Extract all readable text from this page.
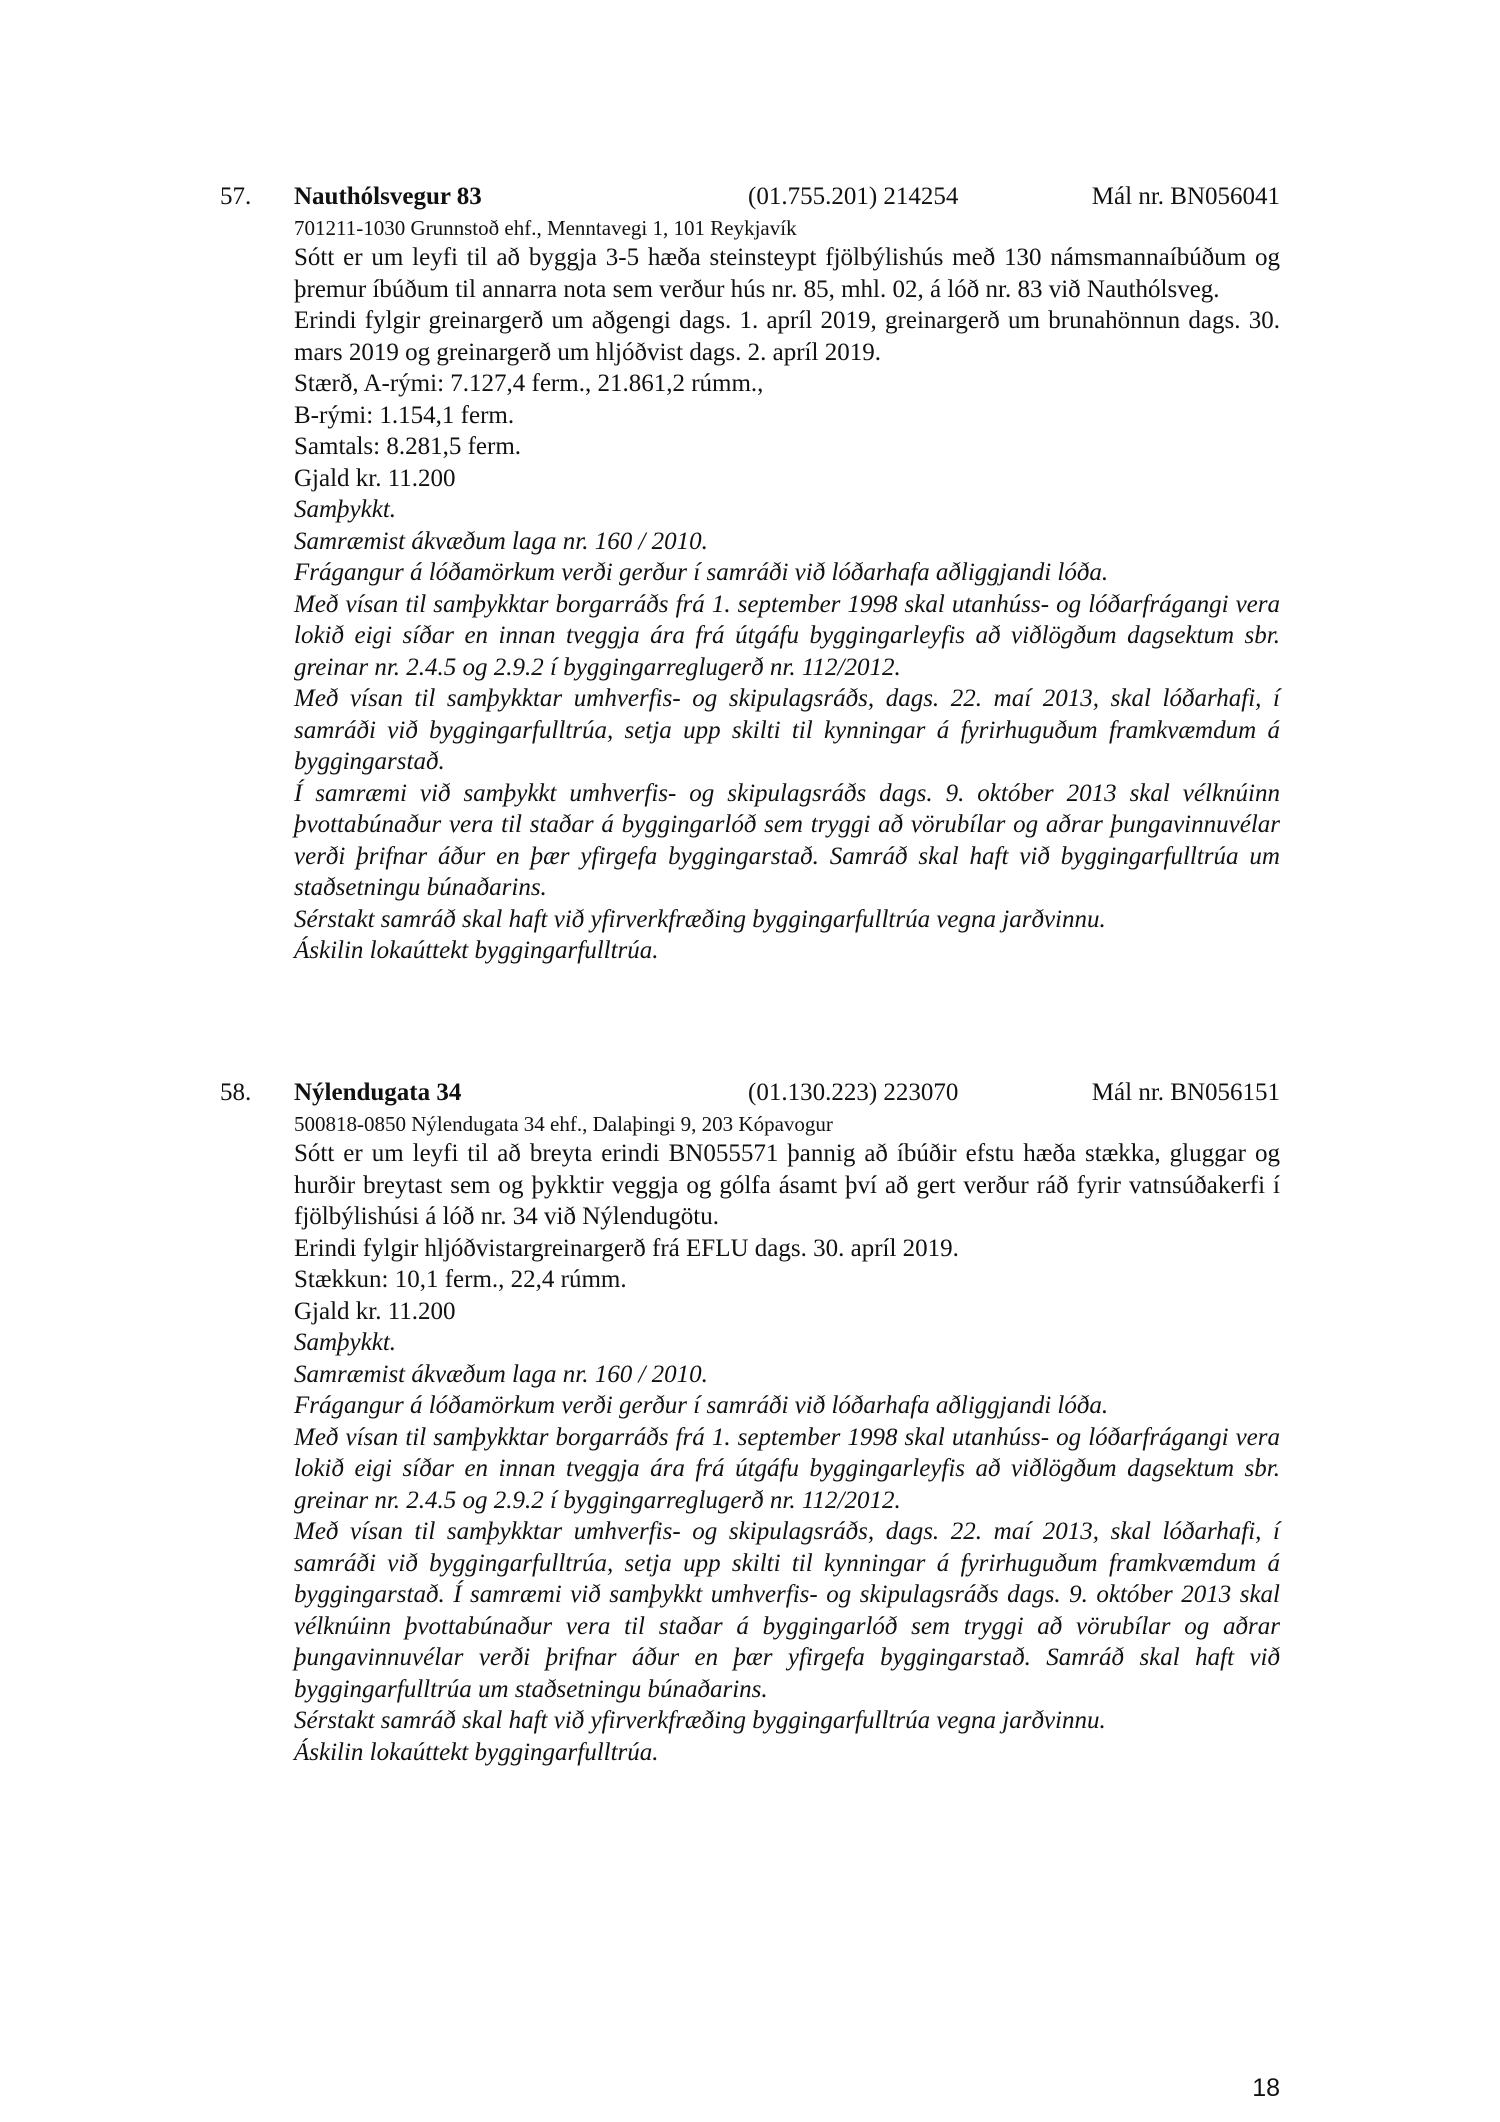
57. Nauthólsvegur 83	(01.755.201) 214254	Mál nr. BN056041
701211-1030 Grunnstoð ehf., Menntavegi 1, 101 Reykjavík

Sótt er um leyfi til að byggja 3-5 hæða steinsteypt fjölbýlishús með 130 námsmannaíbúðum og þremur íbúðum til annarra nota sem verður hús nr. 85, mhl. 02, á lóð nr. 83 við Nauthólsveg.

Erindi fylgir greinargerð um aðgengi dags. 1. apríl 2019, greinargerð um brunahönnun dags. 30. mars 2019 og greinargerð um hljóðvist dags. 2. apríl 2019.

Stærð, A-rými: 7.127,4 ferm., 21.861,2 rúmm.,

B-rými: 1.154,1 ferm.

Samtals: 8.281,5 ferm.

Gjald kr. 11.200

Samþykkt.

Samræmist ákvæðum laga nr. 160 / 2010.

Frágangur á lóðamörkum verði gerður í samráði við lóðarhafa aðliggjandi lóða.

Með vísan til samþykktar borgarráðs frá 1. september 1998 skal utanhúss- og lóðarfrágangi vera lokið eigi síðar en innan tveggja ára frá útgáfu byggingarleyfis að viðlögðum dagsektum sbr. greinar nr. 2.4.5 og 2.9.2 í byggingarreglugerð nr. 112/2012.

Með vísan til samþykktar umhverfis- og skipulagsráðs, dags. 22. maí 2013, skal lóðarhafi, í samráði við byggingarfulltrúa, setja upp skilti til kynningar á fyrirhuguðum framkvæmdum á byggingarstað.

Í samræmi við samþykkt umhverfis- og skipulagsráðs dags. 9. október 2013 skal vélknúinn þvottabúnaður vera til staðar á byggingarlóð sem tryggi að vörubílar og aðrar þungavinnuvélar verði þrifnar áður en þær yfirgefa byggingarstað. Samráð skal haft við byggingarfulltrúa um staðsetningu búnaðarins.

Sérstakt samráð skal haft við yfirverkfræðing byggingarfulltrúa vegna jarðvinnu.

Áskilin lokaúttekt byggingarfulltrúa.

58. Nýlendugata 34	(01.130.223) 223070	Mál nr. BN056151
500818-0850 Nýlendugata 34 ehf., Dalaþingi 9, 203 Kópavogur

Sótt er um leyfi til að breyta erindi BN055571 þannig að íbúðir efstu hæða stækka, gluggar og hurðir breytast sem og þykktir veggja og gólfa ásamt því að gert verður ráð fyrir vatnsúðakerfi í fjölbýlishúsi á lóð nr. 34 við Nýlendugötu.

Erindi fylgir hljóðvistargreinargerð frá EFLU dags. 30. apríl 2019.

Stækkun: 10,1 ferm., 22,4 rúmm.

Gjald kr. 11.200

Samþykkt.

Samræmist ákvæðum laga nr. 160 / 2010.

Frágangur á lóðamörkum verði gerður í samráði við lóðarhafa aðliggjandi lóða.

Með vísan til samþykktar borgarráðs frá 1. september 1998 skal utanhúss- og lóðarfrágangi vera lokið eigi síðar en innan tveggja ára frá útgáfu byggingarleyfis að viðlögðum dagsektum sbr. greinar nr. 2.4.5 og 2.9.2 í byggingarreglugerð nr. 112/2012.

Með vísan til samþykktar umhverfis- og skipulagsráðs, dags. 22. maí 2013, skal lóðarhafi, í samráði við byggingarfulltrúa, setja upp skilti til kynningar á fyrirhuguðum framkvæmdum á byggingarstað. Í samræmi við samþykkt umhverfis- og skipulagsráðs dags. 9. október 2013 skal vélknúinn þvottabúnaður vera til staðar á byggingarlóð sem tryggi að vörubílar og aðrar þungavinnuvélar verði þrifnar áður en þær yfirgefa byggingarstað. Samráð skal haft við byggingarfulltrúa um staðsetningu búnaðarins.

Sérstakt samráð skal haft við yfirverkfræðing byggingarfulltrúa vegna jarðvinnu.

Áskilin lokaúttekt byggingarfulltrúa.

18
